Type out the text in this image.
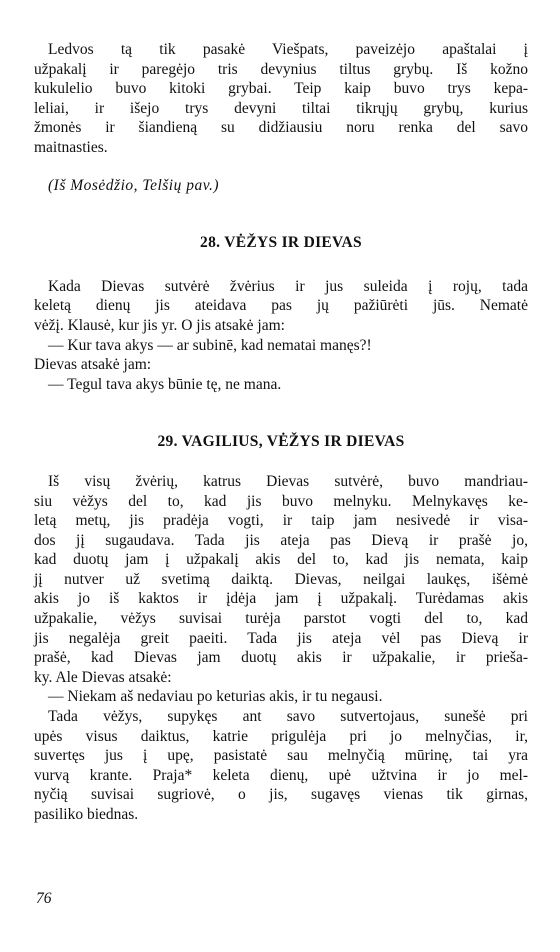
Ledvos tą tik pasakė Viešpats, paveizėjo apaštalai į
užpakalį ir paregėjo tris devynius tiltus grybų. Iš kožno
kukulelio buvo kitoki grybai. Teip kaip buvo trys kepa-
leliai, ir išejo trys devyni tiltai tikrųjų grybų, kurius
žmonės ir šiandieną su didžiausiu noru renka del savo
maitnasties.

(Iš Mosėdžio, Telšių pav.)

28. VĖŽYS IR DIEVAS

Kada Dievas sutvėrė žvėrius ir jus suleida į rojų, tada
keletą dienų jis ateidava pas jų pažiūrėti jūs. Nematė
vėžį. Klausė, kur jis yr. O jis atsakė jam:
— Kur tava akys — ar subinē, kad nematai manęs?!
Dievas atsakė jam:
— Tegul tava akys būnie tę, ne mana.

29. VAGILIUS, VĖŽYS IR DIEVAS

Iš visų žvėrių, katrus Dievas sutvėrė, buvo mandriau-
siu vėžys del to, kad jis buvo melnyku. Melnykavęs ke-
letą metų, jis pradėja vogti, ir taip jam nesivedė ir visa-
dos jį sugaudava. Tada jis ateja pas Dievą ir prašė jo,
kad duotų jam į užpakalį akis del to, kad jis nemata, kaip
jį nutver už svetimą daiktą. Dievas, neilgai laukęs, išėmė
akis jo iš kaktos ir įdėja jam į užpakalį. Turėdamas akis
užpakalie, vėžys suvisai turėja parstot vogti del to, kad
jis negalėja greit paeiti. Tada jis ateja vėl pas Dievą ir
prašė, kad Dievas jam duotų akis ir užpakalie, ir prieša-
ky. Ale Dievas atsakė:
— Niekam aš nedaviau po keturias akis, ir tu negausi.

Tada vėžys, supykęs ant savo sutvertojaus, sunešė pri
upės visus daiktus, katrie prigulėja pri jo melnyčias, ir,
suvertęs jus į upę, pasistatė sau melnyčią mūrinę, tai yra
vurvą krante. Praja* keleta dienų, upė užtvina ir jo mel-
nyčią suvisai sugriovė, o jis, sugavęs vienas tik girnas,
pasiliko biednas.

76
